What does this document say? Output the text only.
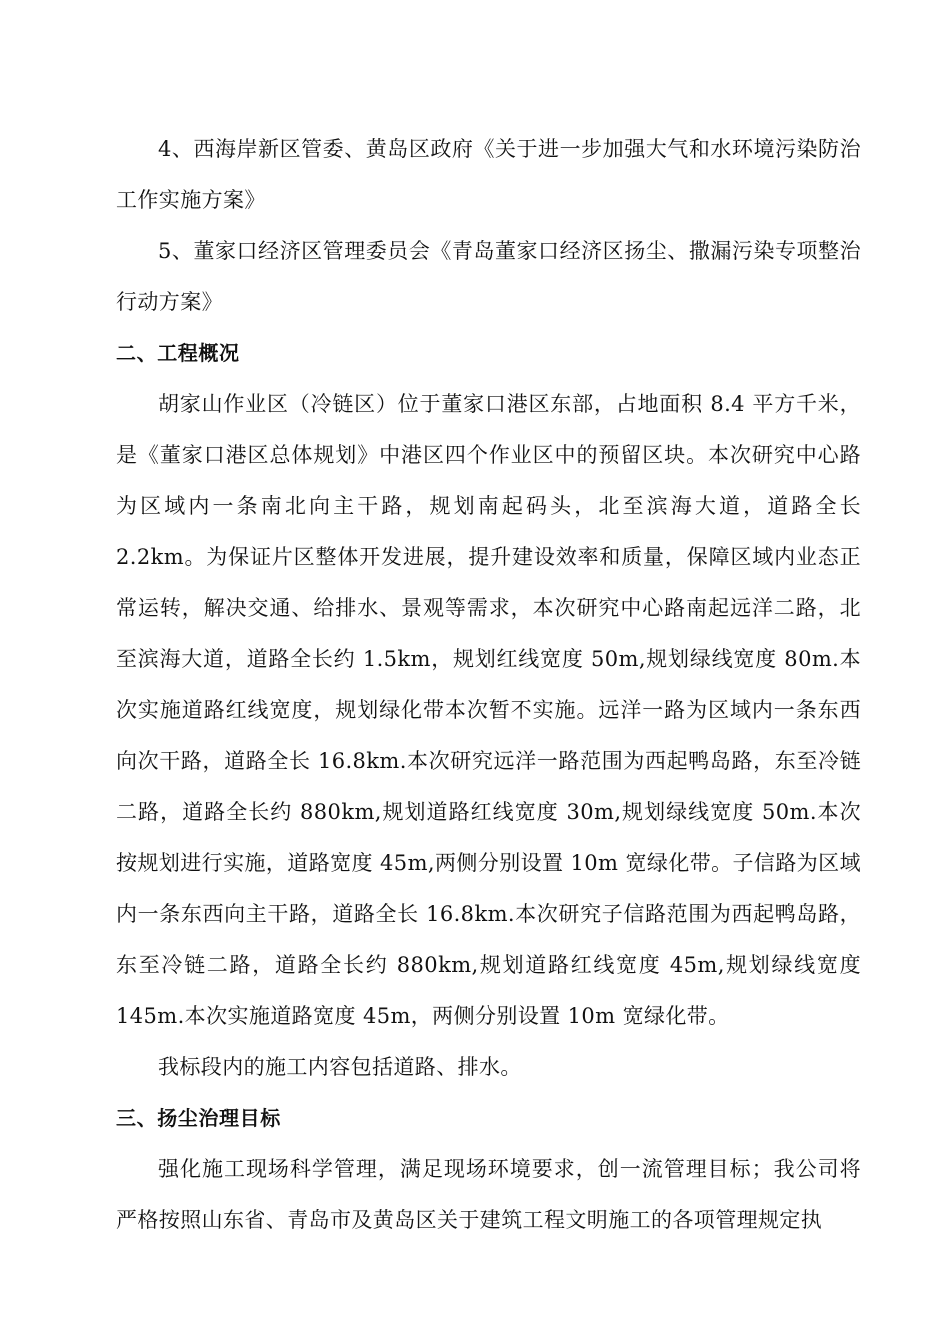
4、西海岸新区管委、黄岛区政府《关于进一步加强大气和水环境污染防治工作实施方案》

5、董家口经济区管理委员会《青岛董家口经济区扬尘、撒漏污染专项整治行动方案》

二、工程概况

胡家山作业区（冷链区）位于董家口港区东部，占地面积 8.4 平方千米，是《董家口港区总体规划》中港区四个作业区中的预留区块。本次研究中心路为区域内一条南北向主干路，规划南起码头，北至滨海大道，道路全长 2.2km。为保证片区整体开发进展，提升建设效率和质量，保障区域内业态正常运转，解决交通、给排水、景观等需求，本次研究中心路南起远洋二路，北至滨海大道，道路全长约 1.5km，规划红线宽度 50m,规划绿线宽度 80m.本次实施道路红线宽度，规划绿化带本次暂不实施。远洋一路为区域内一条东西向次干路，道路全长 16.8km.本次研究远洋一路范围为西起鸭岛路，东至冷链二路，道路全长约 880km,规划道路红线宽度 30m,规划绿线宽度 50m.本次按规划进行实施，道路宽度 45m,两侧分别设置 10m 宽绿化带。子信路为区域内一条东西向主干路，道路全长 16.8km.本次研究子信路范围为西起鸭岛路，东至冷链二路，道路全长约 880km,规划道路红线宽度 45m,规划绿线宽度 145m.本次实施道路宽度 45m，两侧分别设置 10m 宽绿化带。

我标段内的施工内容包括道路、排水。

三、扬尘治理目标

强化施工现场科学管理，满足现场环境要求，创一流管理目标；我公司将严格按照山东省、青岛市及黄岛区关于建筑工程文明施工的各项管理规定执
